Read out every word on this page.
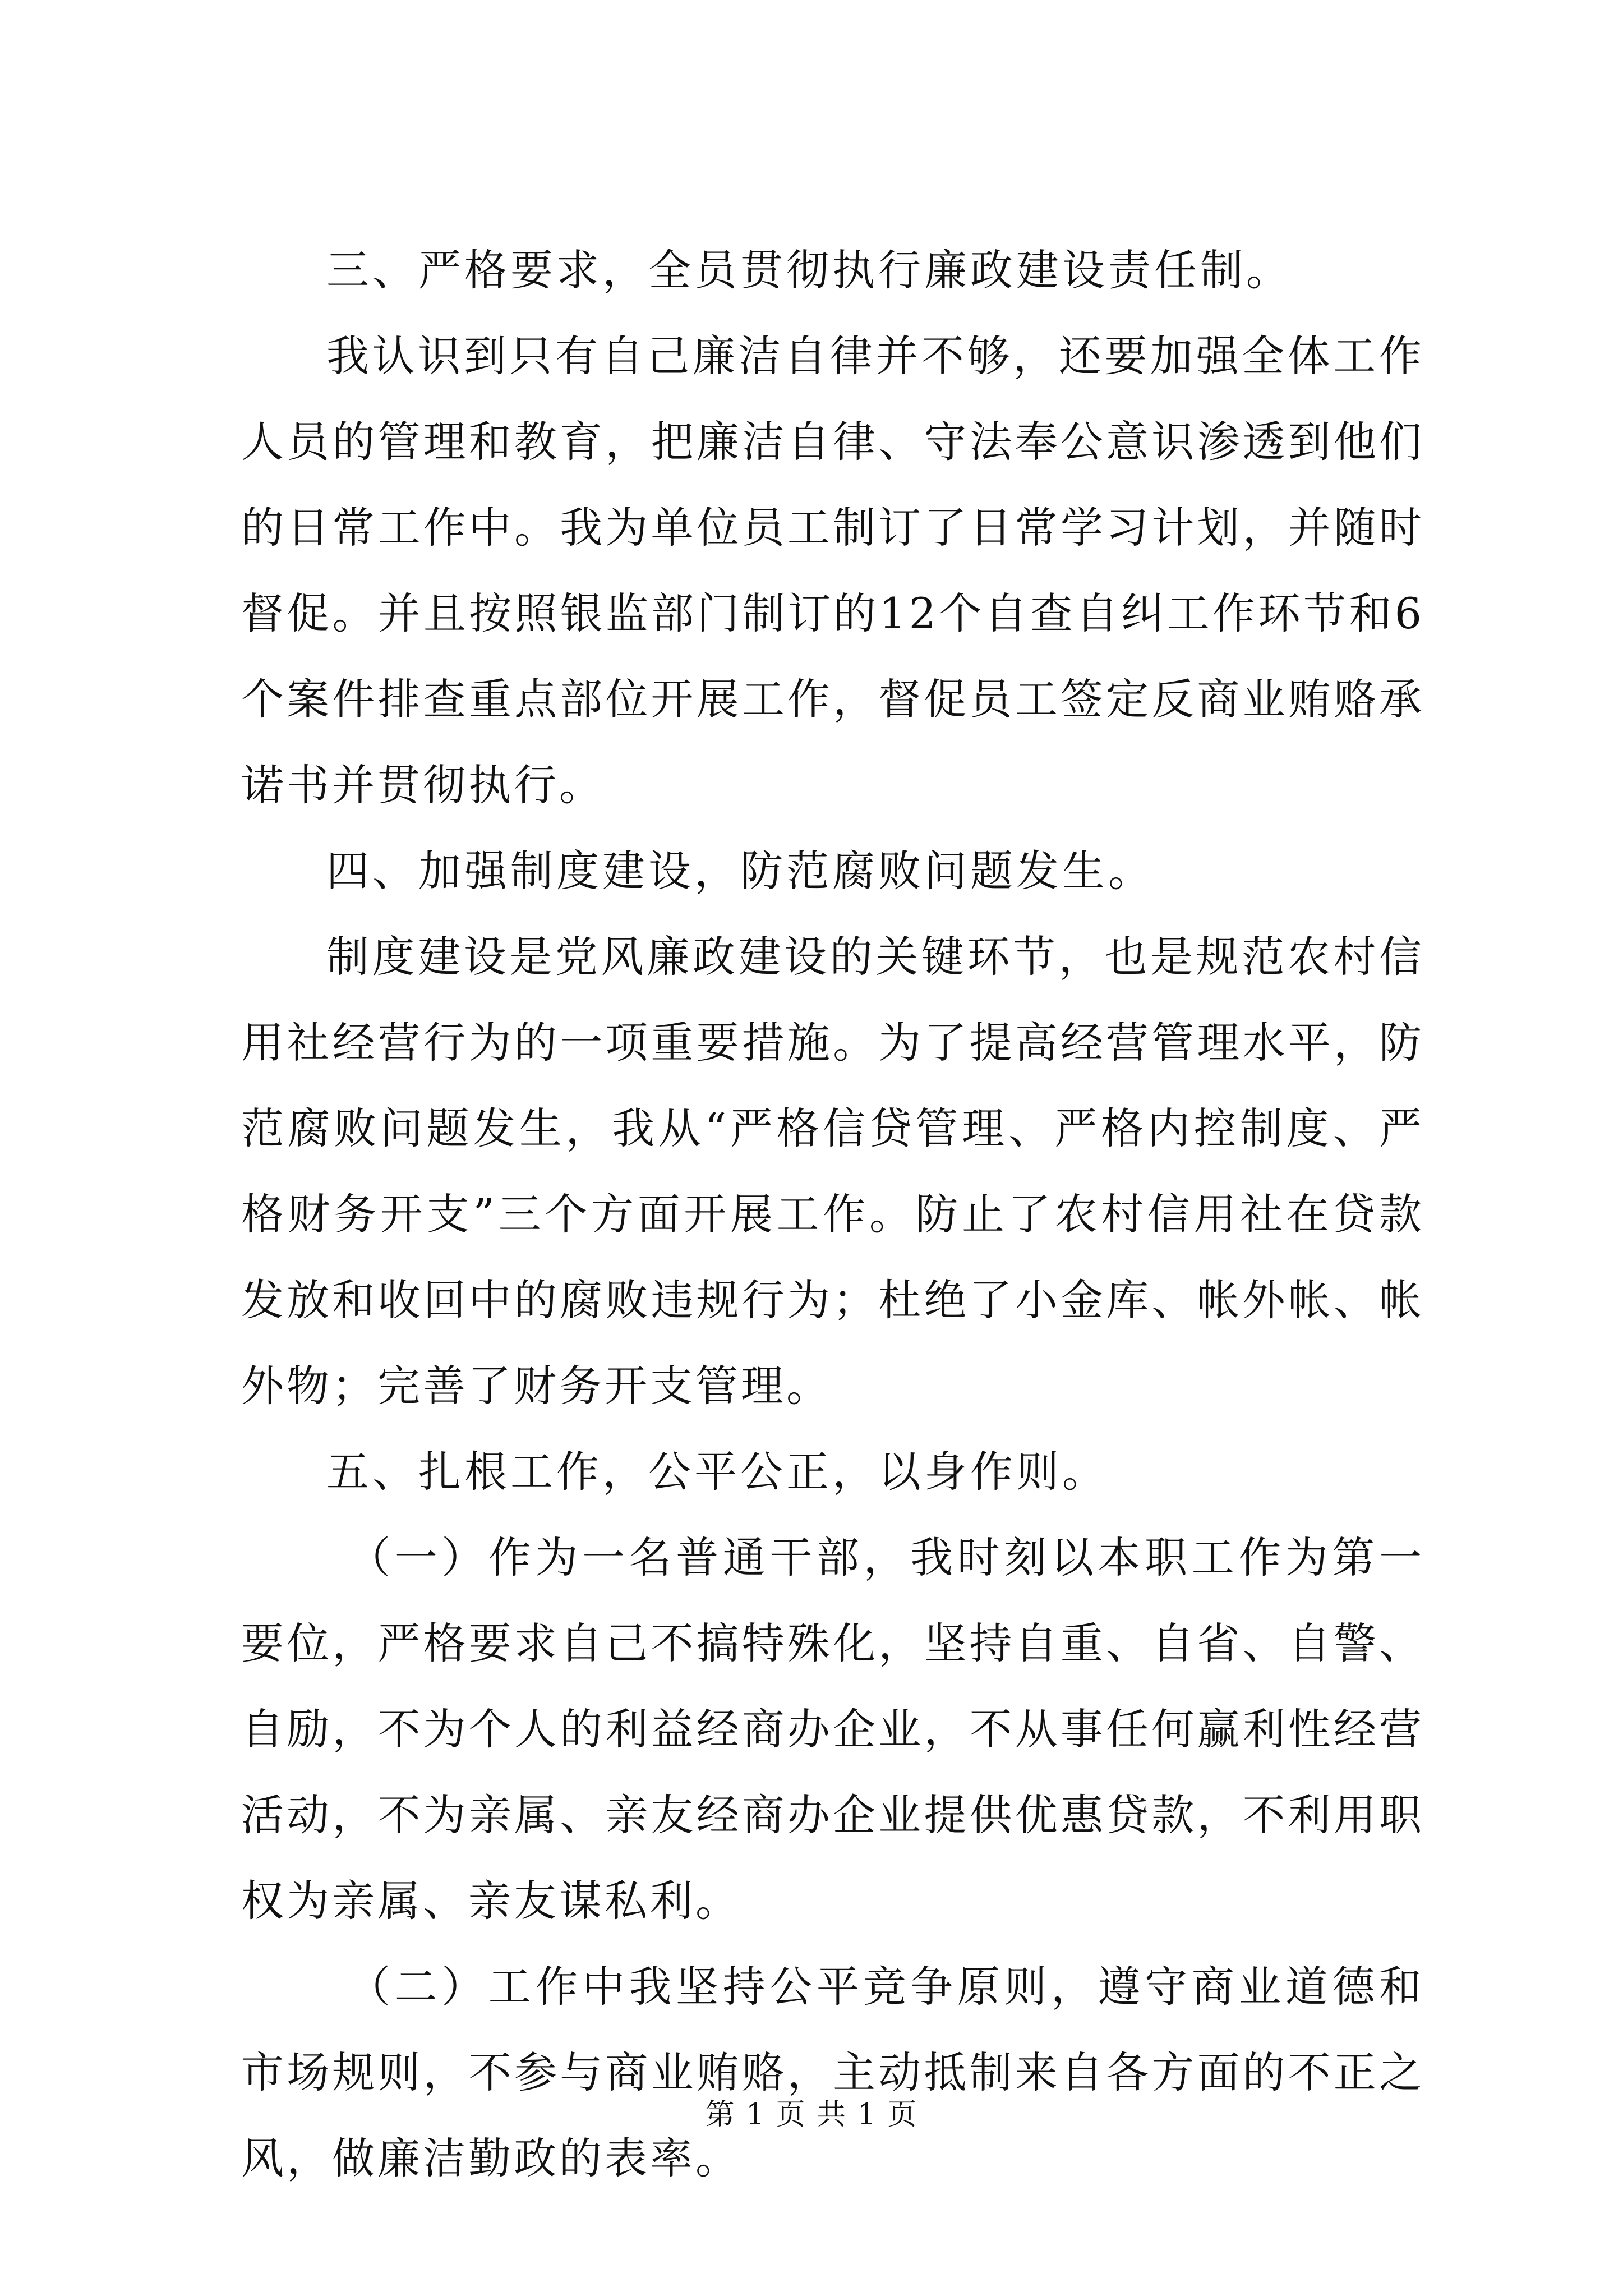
三、严格要求，全员贯彻执行廉政建设责任制。

我认识到只有自己廉洁自律并不够，还要加强全体工作人员的管理和教育，把廉洁自律、守法奉公意识渗透到他们的日常工作中。我为单位员工制订了日常学习计划，并随时督促。并且按照银监部门制订的12个自查自纠工作环节和6个案件排查重点部位开展工作，督促员工签定反商业贿赂承诺书并贯彻执行。

四、加强制度建设，防范腐败问题发生。

制度建设是党风廉政建设的关键环节，也是规范农村信用社经营行为的一项重要措施。为了提高经营管理水平，防范腐败问题发生，我从“严格信贷管理、严格内控制度、严格财务开支”三个方面开展工作。防止了农村信用社在贷款发放和收回中的腐败违规行为；杜绝了小金库、帐外帐、帐外物；完善了财务开支管理。

五、扎根工作，公平公正，以身作则。

（一）作为一名普通干部，我时刻以本职工作为第一要位，严格要求自己不搞特殊化，坚持自重、自省、自警、自励，不为个人的利益经商办企业，不从事任何赢利性经营活动，不为亲属、亲友经商办企业提供优惠贷款，不利用职权为亲属、亲友谋私利。

（二）工作中我坚持公平竞争原则，遵守商业道德和市场规则，不参与商业贿赂，主动抵制来自各方面的不正之风，做廉洁勤政的表率。

第 1 页 共 1 页
